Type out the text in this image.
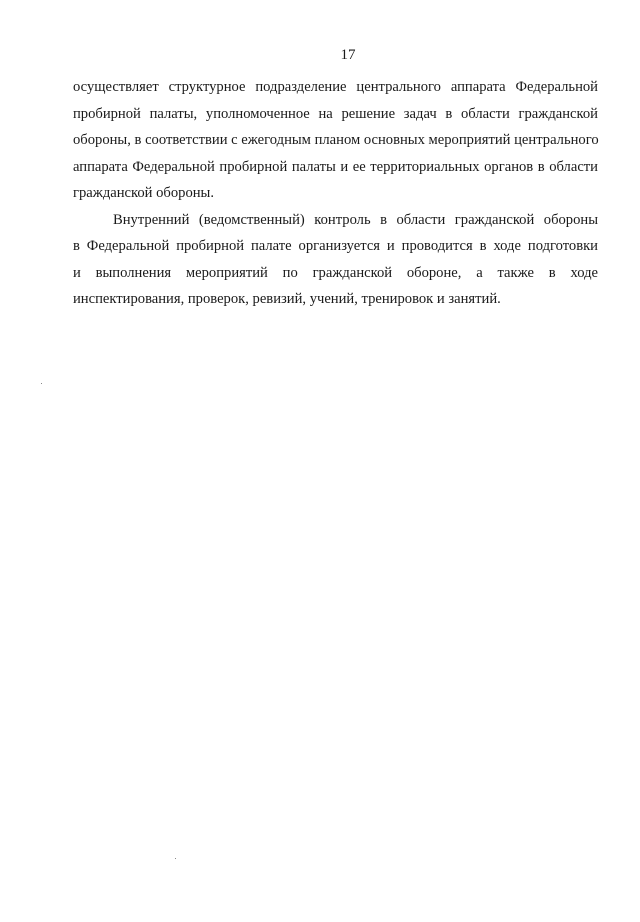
17
осуществляет структурное подразделение центрального аппарата Федеральной
пробирной палаты, уполномоченное на решение задач в области гражданской
обороны, в соответствии с ежегодным планом основных мероприятий центрального
аппарата Федеральной пробирной палаты и ее территориальных органов в области
гражданской обороны.
Внутренний (ведомственный) контроль в области гражданской обороны
в Федеральной пробирной палате организуется и проводится в ходе подготовки
и выполнения мероприятий по гражданской обороне, а также в ходе
инспектирования, проверок, ревизий, учений, тренировок и занятий.
